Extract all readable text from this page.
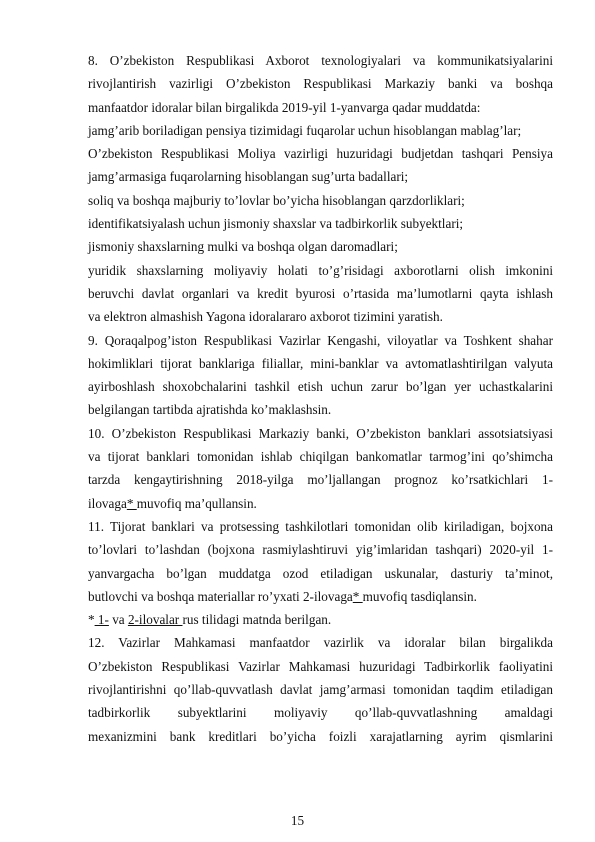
8. O’zbekiston Respublikasi Axborot texnologiyalari va kommunikatsiyalarini
rivojlantirish vazirligi O’zbekiston Respublikasi Markaziy banki va boshqa
manfaatdor idoralar bilan birgalikda 2019-yil 1-yanvarga qadar muddatda:
jamg’arib boriladigan pensiya tizimidagi fuqarolar uchun hisoblangan mablag’lar;
O’zbekiston Respublikasi Moliya vazirligi huzuridagi budjetdan tashqari Pensiya
jamg’armasiga fuqarolarning hisoblangan sug’urta badallari;
soliq va boshqa majburiy to’lovlar bo’yicha hisoblangan qarzdorliklari;
identifikatsiyalash uchun jismoniy shaxslar va tadbirkorlik subyektlari;
jismoniy shaxslarning mulki va boshqa olgan daromadlari;
yuridik shaxslarning moliyaviy holati to’g’risidagi axborotlarni olish imkonini
beruvchi davlat organlari va kredit byurosi o’rtasida ma’lumotlarni qayta ishlash
va elektron almashish Yagona idoralararo axborot tizimini yaratish.
9. Qoraqalpog’iston Respublikasi Vazirlar Kengashi, viloyatlar va Toshkent shahar
hokimliklari tijorat banklariga filiallar, mini-banklar va avtomatlashtirilgan valyuta
ayirboshlash shoxobchalarini tashkil etish uchun zarur bo’lgan yer uchastkalarini
belgilangan tartibda ajratishda ko’maklashsin.
10. O’zbekiston Respublikasi Markaziy banki, O’zbekiston banklari assotsiatsiyasi
va tijorat banklari tomonidan ishlab chiqilgan bankomatlar tarmog’ini qo’shimcha
tarzda kengaytirishning 2018-yilga mo’ljallangan prognoz ko’rsatkichlari 1-
ilovaga* muvofiq ma’qullansin.
11. Tijorat banklari va protsessing tashkilotlari tomonidan olib kiriladigan, bojxona
to’lovlari to’lashdan (bojxona rasmiylashtiruvi yig’imlaridan tashqari) 2020-yil 1-
yanvargacha bo’lgan muddatga ozod etiladigan uskunalar, dasturiy ta’minot,
butlovchi va boshqa materiallar ro’yxati 2-ilovaga* muvofiq tasdiqlansin.
* 1- va 2-ilovalar rus tilidagi matnda berilgan.
12. Vazirlar Mahkamasi manfaatdor vazirlik va idoralar bilan birgalikda
O’zbekiston Respublikasi Vazirlar Mahkamasi huzuridagi Tadbirkorlik faoliyatini
rivojlantirishni qo’llab-quvvatlash davlat jamg’armasi tomonidan taqdim etiladigan
tadbirkorlik subyektlarini moliyaviy qo’llab-quvvatlashning amaldagi
mexanizmini bank kreditlari bo’yicha foizli xarajatlarning ayrim qismlarini
15
